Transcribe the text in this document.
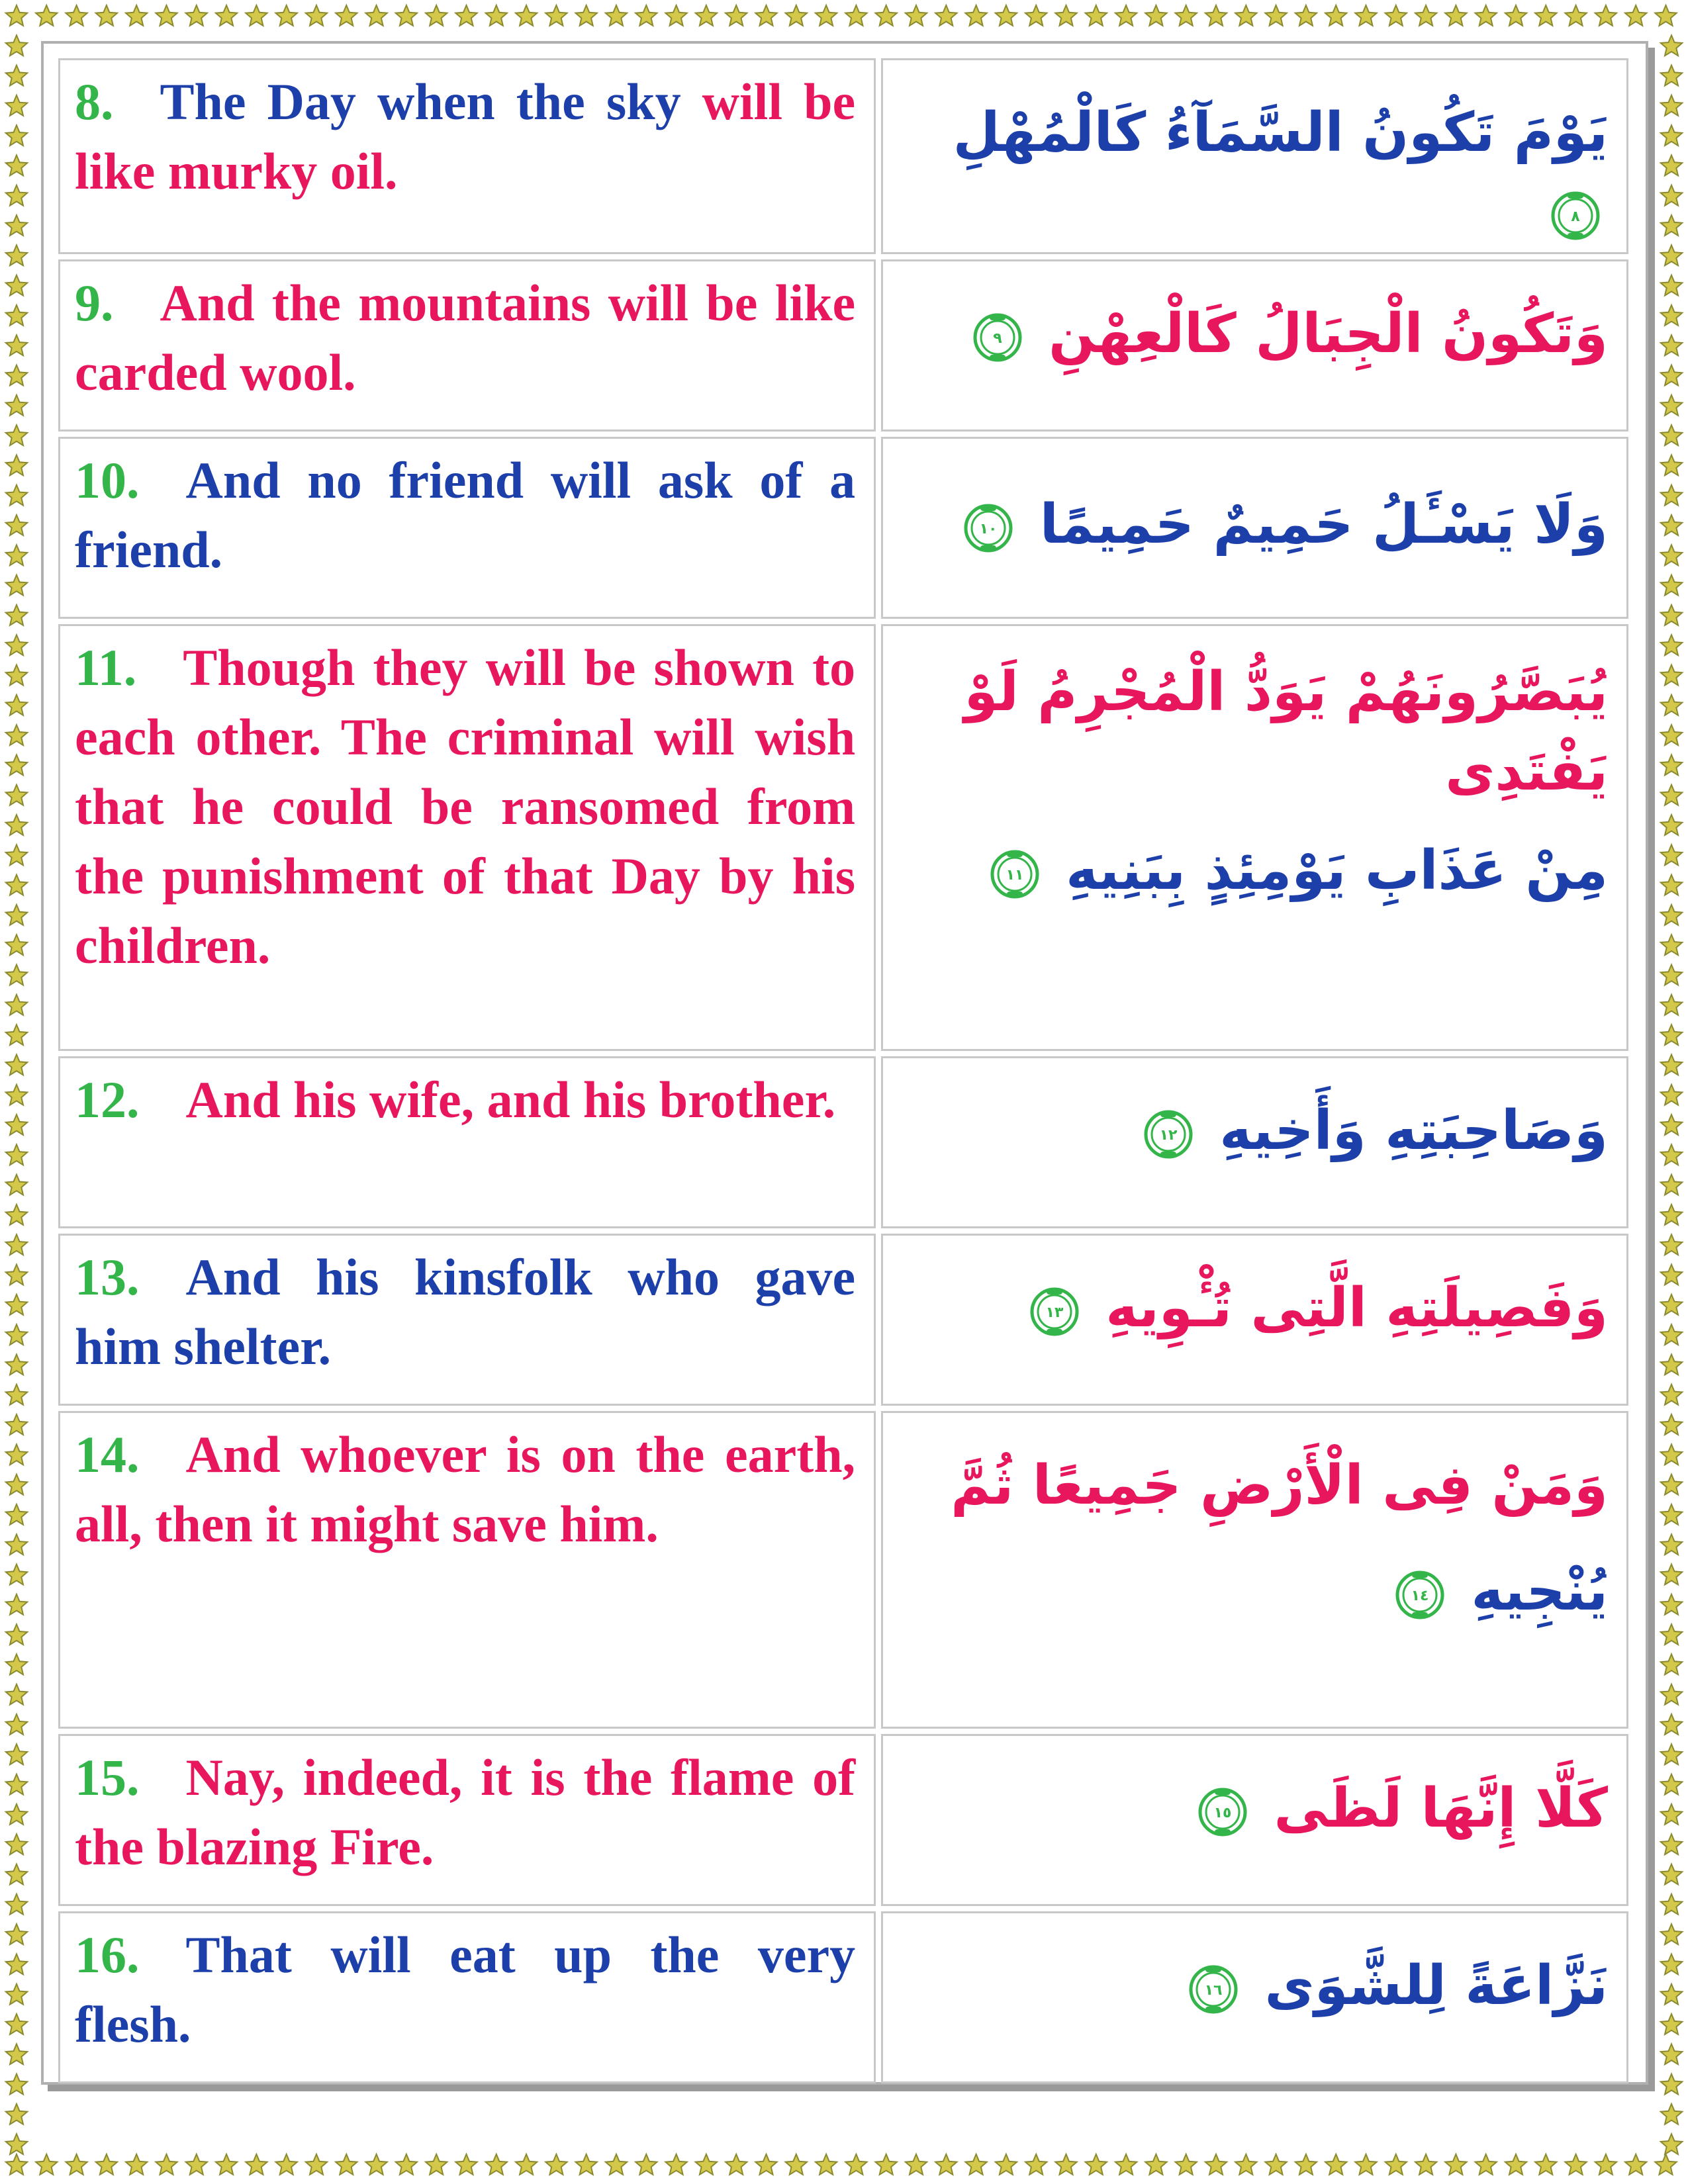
8. The Day when the sky will be like murky oil.	يَوْمَ تَكُونُ السَّمَآءُ كَالْمُهْلِ
٨

9. And the mountains will be like carded wool.	وَتَكُونُ الْجِبَالُ كَالْعِهْنِ
٩

10. And no friend will ask of a friend.	وَلَا يَسْـَٔلُ حَمِيمٌ حَمِيمًا
١٠

11. Though they will be shown to each other. The criminal will wish that he could be ransomed from the punishment of that Day by his children.	يُبَصَّرُونَهُمْ يَوَدُّ الْمُجْرِمُ لَوْ يَفْتَدِى
مِنْ عَذَابِ يَوْمِئِذٍ بِبَنِيهِ
١١

12. And his wife, and his brother.	وَصَاحِبَتِهِ وَأَخِيهِ
١٢

13. And his kinsfolk who gave him shelter.	وَفَصِيلَتِهِ الَّتِى تُـْٔوِيهِ
١٣

14. And whoever is on the earth, all, then it might save him.	وَمَنْ فِى الْأَرْضِ جَمِيعًا ثُمَّ
يُنْجِيهِ
١٤

15. Nay, indeed, it is the flame of the blazing Fire.	كَلَّا إِنَّهَا لَظَى
١٥

16. That will eat up the very flesh.	نَزَّاعَةً لِلشَّوَى
١٦
